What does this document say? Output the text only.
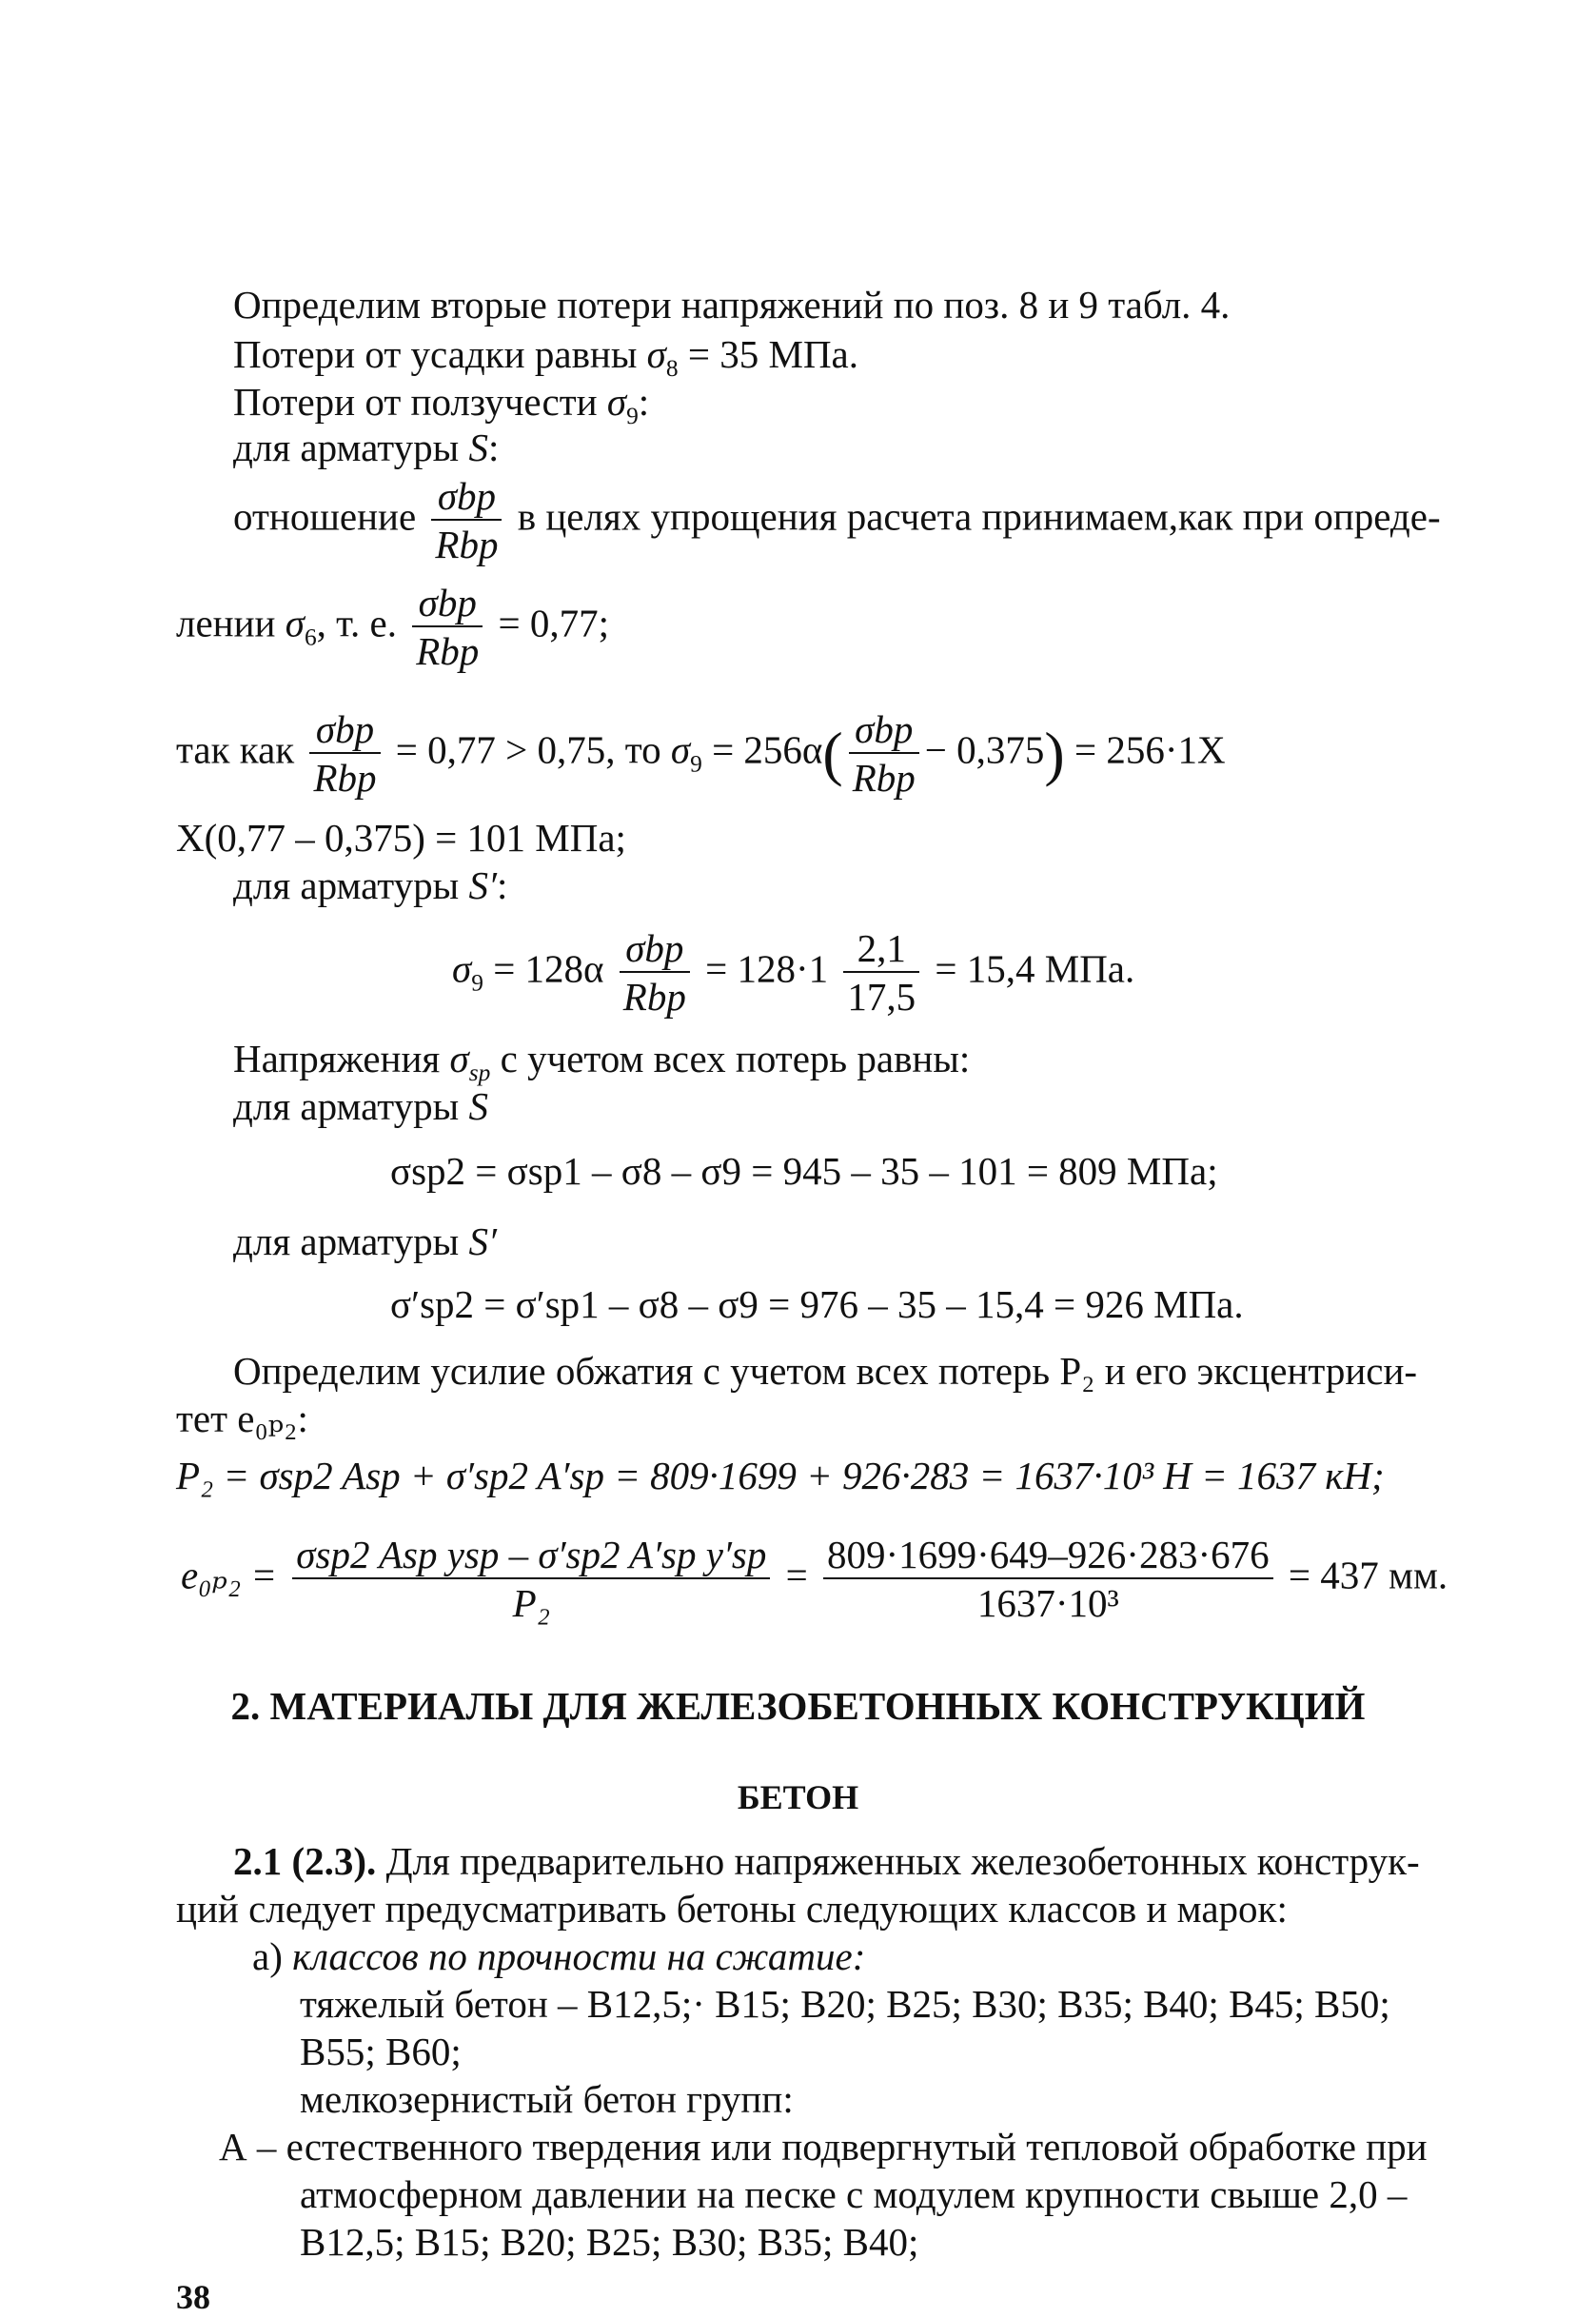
Определим вторые потери напряжений по поз. 8 и 9 табл. 4.
Потери от усадки равны $\sigma_8 = 35$ МПа.
Потери от ползучести $\sigma_9$:
для арматуры S:
отношение $\frac{\text{σbp}}{\text{Rbp}}$ в целях упрощения расчета принимаем,как при опреде-
лении $\sigma_6$, т. е. $\frac{\text{σbp}}{\text{Rbp}} = 0,77$;
так как $\frac{\text{σbp}}{\text{Rbp}} = 0,77 > 0,75$, то $\sigma_9 = 256\alpha( \frac{\text{σbp}}{\text{Rbp}} - 0,375) = 256\cdot 1X$
X(0,77 – 0,375) = 101 МПа;
для арматуры S′:
$\sigma_9 = 128\alpha \frac{\text{σbp}}{\text{Rbp}} = 128\cdot 1 \frac{2,1}{17,5} = 15,4$ МПа.
Напряжения $\sigma_{sp}$ с учетом всех потерь равны:
для арматуры S
σsp2 = σsp1 – σ8 – σ9 = 945 – 35 – 101 = 809 МПа;
для арматуры S′
σ′sp2 = σ′sp1 – σ8 – σ9 = 976 – 35 – 15,4 = 926 МПа.
Определим усилие обжатия с учетом всех потерь P₂ и его эксцентриси-
тет e₀ₚ₂:
P₂ = σsp2 Asp + σ′sp2 A′sp = 809·1699 + 926·283 = 1637·10³ Н = 1637 кН;
$e_{0p2} = \frac{\text{σsp2 Asp ysp – σ′sp2 A′sp y′sp}}{\text{P₂}} = \frac{809\cdot 1699\cdot 649-926\cdot 283\cdot 676}{\text{1637·10³}} = 437$ мм.
2. МАТЕРИАЛЫ ДЛЯ ЖЕЛЕЗОБЕТОННЫХ КОНСТРУКЦИЙ
БЕТОН
2.1 (2.3). Для предварительно напряженных железобетонных конструк-
ций следует предусматривать бетоны следующих классов и марок:
а) классов по прочности на сжатие:
тяжелый бетон – В12,5;· В15; В20; В25; В30; В35; В40; В45; В50;
В55; В60;
мелкозернистый бетон групп:
А – естественного твердения или подвергнутый тепловой обработке при
атмосферном давлении на песке с модулем крупности свыше 2,0 –
В12,5; В15; В20; В25; В30; В35; В40;
38
